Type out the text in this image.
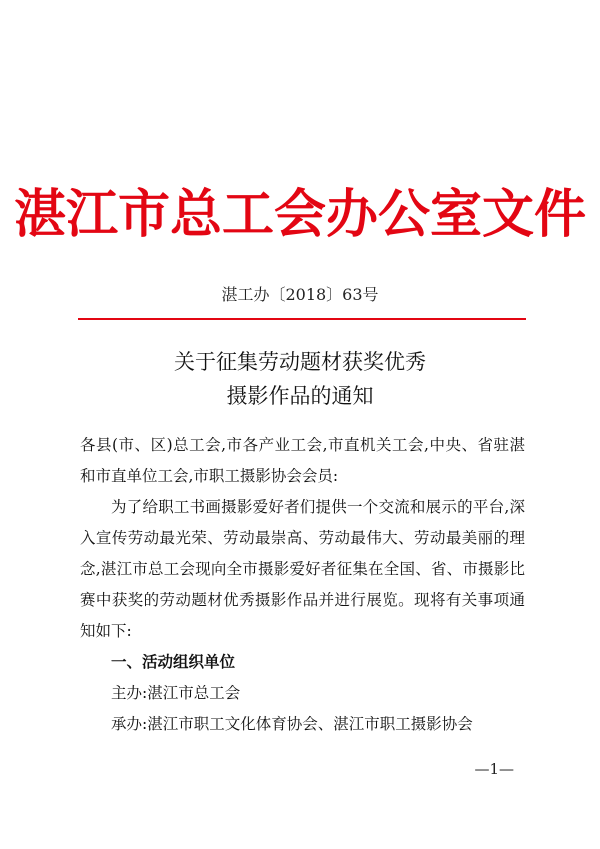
湛江市总工会办公室文件
湛工办〔2018〕63号
关于征集劳动题材获奖优秀
摄影作品的通知

各县(市、区)总工会,市各产业工会,市直机关工会,中央、省驻湛和市直单位工会,市职工摄影协会会员:

为了给职工书画摄影爱好者们提供一个交流和展示的平台,深入宣传劳动最光荣、劳动最崇高、劳动最伟大、劳动最美丽的理念,湛江市总工会现向全市摄影爱好者征集在全国、省、市摄影比赛中获奖的劳动题材优秀摄影作品并进行展览。现将有关事项通知如下:

一、活动组织单位

主办:湛江市总工会

承办:湛江市职工文化体育协会、湛江市职工摄影协会

—1—
